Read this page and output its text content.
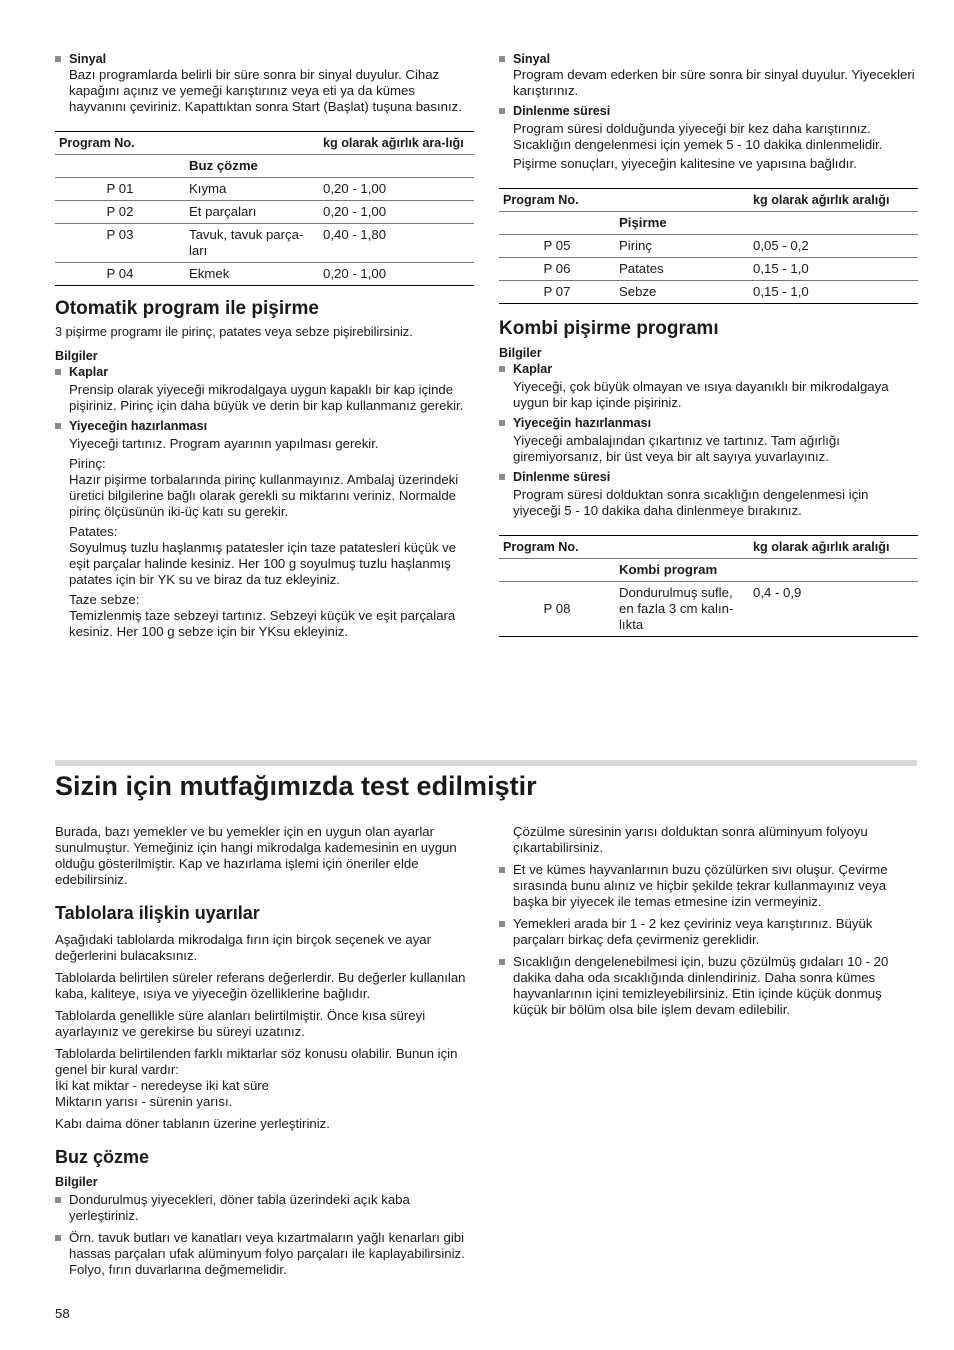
Sinyal

Bazı programlarda belirli bir süre sonra bir sinyal duyulur. Cihaz kapağını açınız ve yemeği karıştırınız veya eti ya da kümes hayvanını çeviriniz. Kapattıktan sonra Start (Başlat) tuşuna basınız.

Program No.		kg olarak ağırlık ara-lığı
	Buz çözme	
P 01	Kıyma	0,20 - 1,00
P 02	Et parçaları	0,20 - 1,00
P 03	Tavuk, tavuk parça-ları	0,40 - 1,80
P 04	Ekmek	0,20 - 1,00
Otomatik program ile pişirme

3 pişirme programı ile pirinç, patates veya sebze pişirebilirsiniz.

Bilgiler

Kaplar

Prensip olarak yiyeceği mikrodalgaya uygun kapaklı bir kap içinde pişiriniz. Pirinç için daha büyük ve derin bir kap kullanmanız gerekir.

Yiyeceğin hazırlanması

Yiyeceği tartınız. Program ayarının yapılması gerekir.

Pirinç:

Hazır pişirme torbalarında pirinç kullanmayınız. Ambalaj üzerindeki üretici bilgilerine bağlı olarak gerekli su miktarını veriniz. Normalde pirinç ölçüsünün iki-üç katı su gerekir.

Patates:

Soyulmuş tuzlu haşlanmış patatesler için taze patatesleri küçük ve eşit parçalar halinde kesiniz. Her 100 g soyulmuş tuzlu haşlanmış patates için bir YK su ve biraz da tuz ekleyiniz.

Taze sebze:

Temizlenmiş taze sebzeyi tartınız. Sebzeyi küçük ve eşit parçalara kesiniz. Her 100 g sebze için bir YKsu ekleyiniz.

Sinyal

Program devam ederken bir süre sonra bir sinyal duyulur. Yiyecekleri karıştırınız.

Dinlenme süresi

Program süresi dolduğunda yiyeceği bir kez daha karıştırınız. Sıcaklığın dengelenmesi için yemek 5 - 10 dakika dinlenmelidir.

Pişirme sonuçları, yiyeceğin kalitesine ve yapısına bağlıdır.

Program No.		kg olarak ağırlık aralığı
	Pişirme	
P 05	Pirinç	0,05 - 0,2
P 06	Patates	0,15 - 1,0
P 07	Sebze	0,15 - 1,0
Kombi pişirme programı

Bilgiler

Kaplar

Yiyeceği, çok büyük olmayan ve ısıya dayanıklı bir mikrodalgaya uygun bir kap içinde pişiriniz.

Yiyeceğin hazırlanması

Yiyeceği ambalajından çıkartınız ve tartınız. Tam ağırlığı giremiyorsanız, bir üst veya bir alt sayıya yuvarlayınız.

Dinlenme süresi

Program süresi dolduktan sonra sıcaklığın dengelenmesi için yiyeceği 5 - 10 dakika daha dinlenmeye bırakınız.

Program No.		kg olarak ağırlık aralığı
	Kombi program	
P 08	Dondurulmuş sufle, en fazla 3 cm kalın-lıkta	0,4 - 0,9
Sizin için mutfağımızda test edilmiştir

Burada, bazı yemekler ve bu yemekler için en uygun olan ayarlar sunulmuştur. Yemeğiniz için hangi mikrodalga kademesinin en uygun olduğu gösterilmiştir. Kap ve hazırlama işlemi için öneriler elde edebilirsiniz.

Tablolara ilişkin uyarılar

Aşağıdaki tablolarda mikrodalga fırın için birçok seçenek ve ayar değerlerini bulacaksınız.

Tablolarda belirtilen süreler referans değerlerdir. Bu değerler kullanılan kaba, kaliteye, ısıya ve yiyeceğin özelliklerine bağlıdır.

Tablolarda genellikle süre alanları belirtilmiştir. Önce kısa süreyi ayarlayınız ve gerekirse bu süreyi uzatınız.

Tablolarda belirtilenden farklı miktarlar söz konusu olabilir. Bunun için genel bir kural vardır:

İki kat miktar - neredeyse iki kat süre

Miktarın yarısı - sürenin yarısı.

Kabı daima döner tablanın üzerine yerleştiriniz.

Buz çözme

Bilgiler

Dondurulmuş yiyecekleri, döner tabla üzerindeki açık kaba yerleştiriniz.

Örn. tavuk butları ve kanatları veya kızartmaların yağlı kenarları gibi hassas parçaları ufak alüminyum folyo parçaları ile kaplayabilirsiniz. Folyo, fırın duvarlarına değmemelidir.

Çözülme süresinin yarısı dolduktan sonra alüminyum folyoyu çıkartabilirsiniz.

Et ve kümes hayvanlarının buzu çözülürken sıvı oluşur. Çevirme sırasında bunu alınız ve hiçbir şekilde tekrar kullanmayınız veya başka bir yiyecek ile temas etmesine izin vermeyiniz.

Yemekleri arada bir 1 - 2 kez çeviriniz veya karıştırınız. Büyük parçaları birkaç defa çevirmeniz gereklidir.

Sıcaklığın dengelenebilmesi için, buzu çözülmüş gıdaları 10 - 20 dakika daha oda sıcaklığında dinlendiriniz. Daha sonra kümes hayvanlarının içini temizleyebilirsiniz. Etin içinde küçük donmuş küçük bir bölüm olsa bile işlem devam edilebilir.

58
